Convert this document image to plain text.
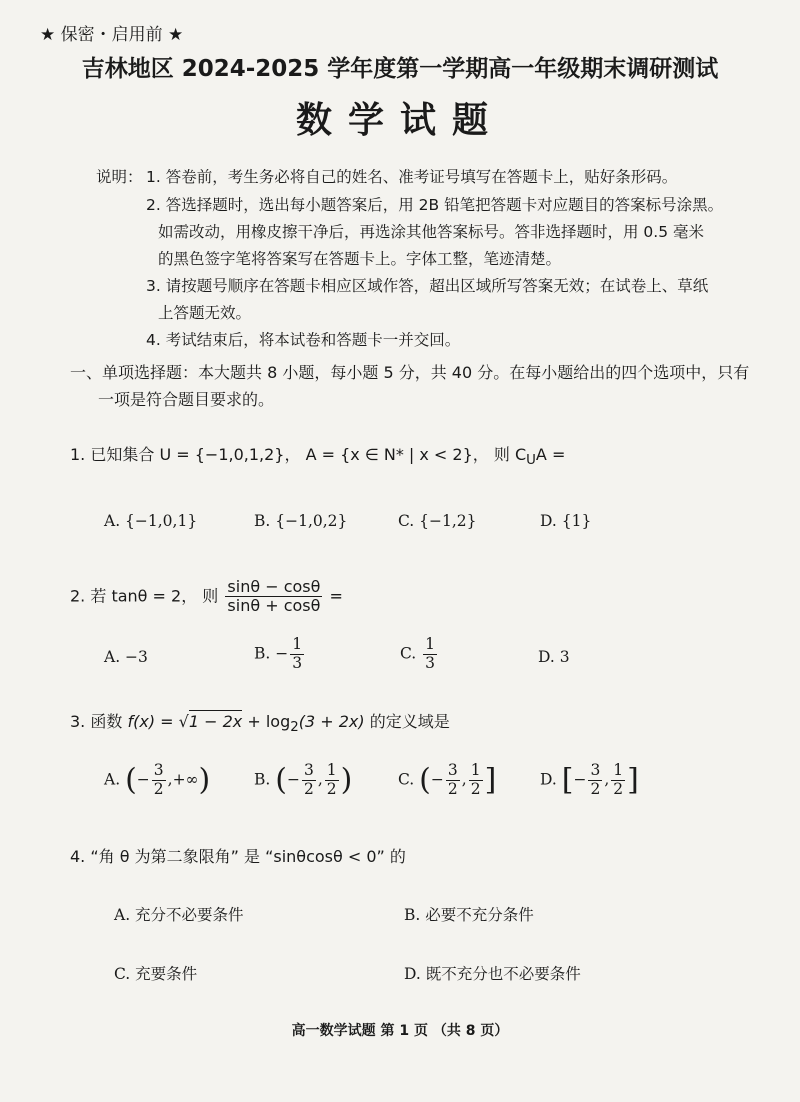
★ 保密・启用前 ★
吉林地区 2024-2025 学年度第一学期高一年级期末调研测试
数学试题
说明： 1. 答卷前，考生务必将自己的姓名、准考证号填写在答题卡上，贴好条形码。
2. 答选择题时，选出每小题答案后，用 2B 铅笔把答题卡对应题目的答案标号涂黑。
如需改动，用橡皮擦干净后，再选涂其他答案标号。答非选择题时，用 0.5 毫米
的黑色签字笔将答案写在答题卡上。字体工整，笔迹清楚。
3. 请按题号顺序在答题卡相应区域作答，超出区域所写答案无效；在试卷上、草纸
上答题无效。
4. 考试结束后，将本试卷和答题卡一并交回。
一、单项选择题：本大题共 8 小题，每小题 5 分，共 40 分。在每小题给出的四个选项中，只有
一项是符合题目要求的。
1. 已知集合 U = {−1,0,1,2}， A = {x ∈ N* | x < 2}， 则 $C_UA$ =
A. {−1,0,1}	B. {−1,0,2}	C. {−1,2}	D. {1}
2. 若 tanθ = 2， 则 $\frac{\sin\theta - \cos\theta}{\sin\theta + \cos\theta}$ =
A. −3	B. − $\frac{1}{3}$	C. $\frac{1}{3}$	D. 3
3. 函数 $f(x) = √1 - 2x + \log_2(3 + 2x)$ 的定义域是
A. (− $\frac{3}{2}$ ,+∞)	B. (− $\frac{3}{2}$ , $\frac{1}{2}$ )	C. (− $\frac{3}{2}$ , $\frac{1}{2}$ ]	D. [− $\frac{3}{2}$ , $\frac{1}{2}$ ]
4. “角 θ 为第二象限角” 是 “sinθcosθ < 0” 的
A. 充分不必要条件	B. 必要不充分条件
C. 充要条件	D. 既不充分也不必要条件
高一数学试题 第 1 页 （共 8 页）
